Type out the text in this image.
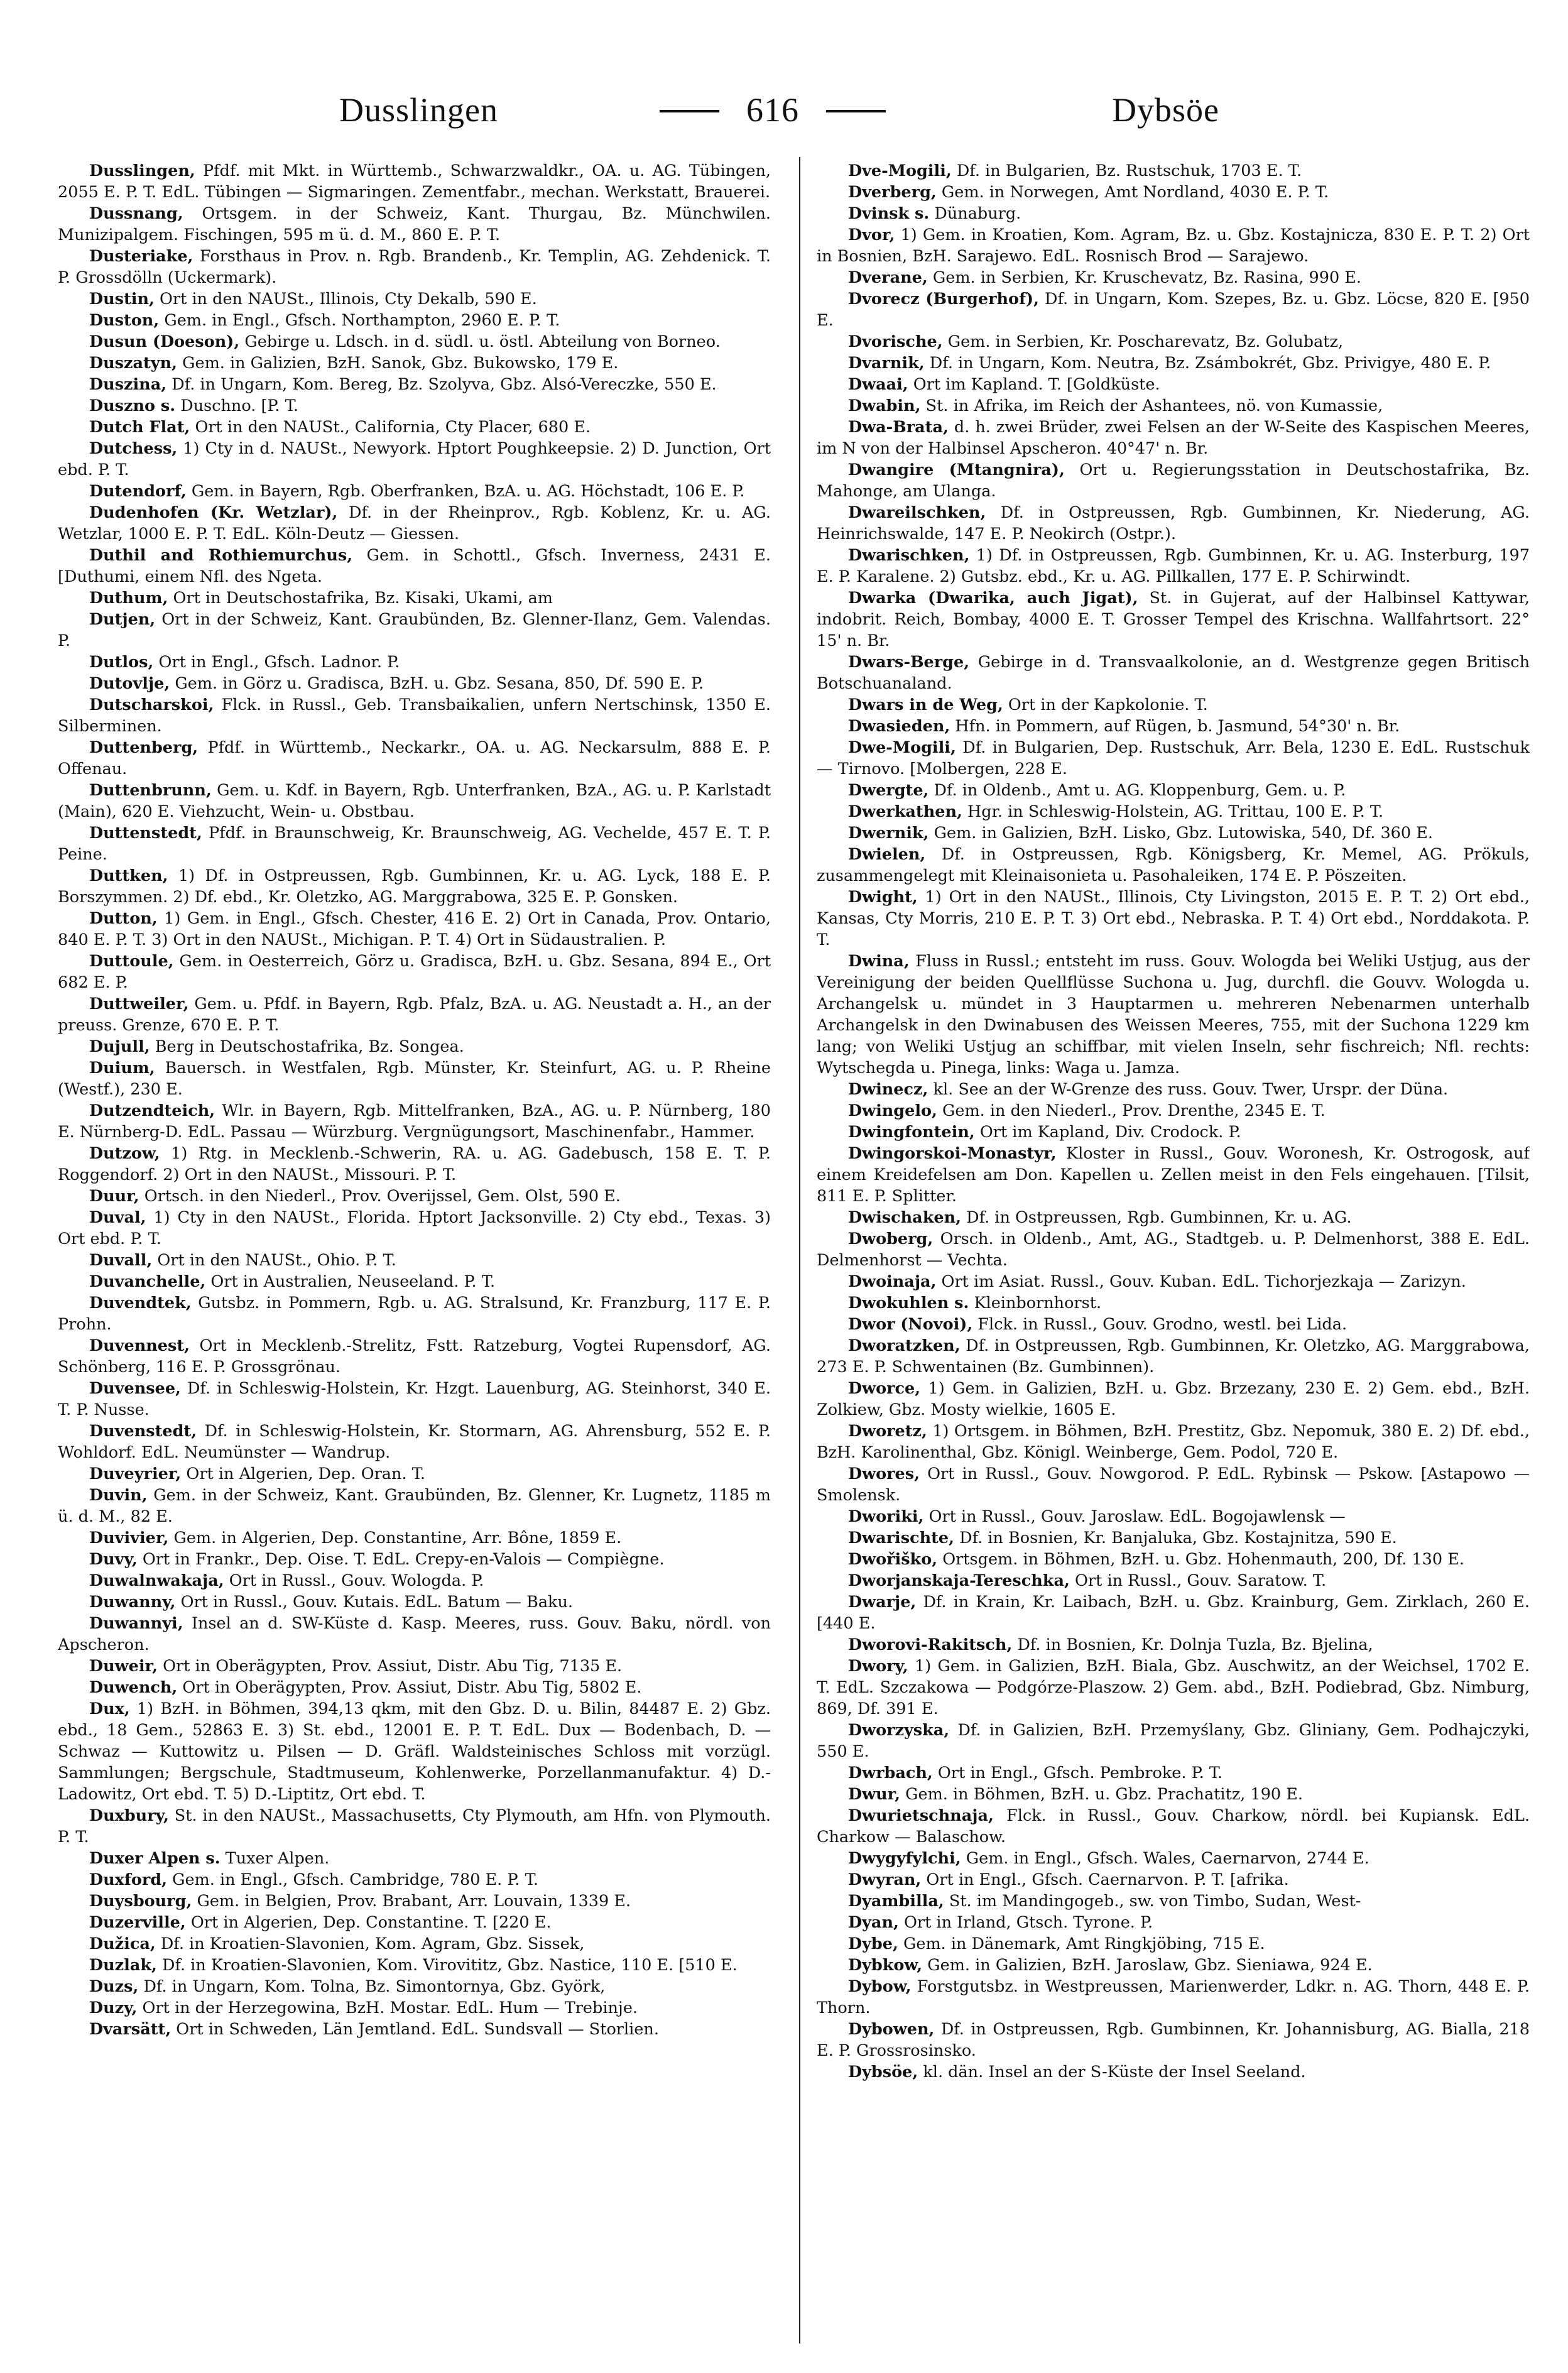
Dusslingen	616	Dybsöe

Dusslingen, Pfdf. mit Mkt. in Württemb., Schwarzwaldkr., OA. u. AG. Tübingen, 2055 E. P. T. EdL. Tübingen — Sigmaringen. Zementfabr., mechan. Werkstatt, Brauerei.

Dussnang, Ortsgem. in der Schweiz, Kant. Thurgau, Bz. Münchwilen. Munizipalgem. Fischingen, 595 m ü. d. M., 860 E. P. T.

Dusteriake, Forsthaus in Prov. n. Rgb. Brandenb., Kr. Templin, AG. Zehdenick. T. P. Grossdölln (Uckermark).

Dustin, Ort in den NAUSt., Illinois, Cty Dekalb, 590 E.

Duston, Gem. in Engl., Gfsch. Northampton, 2960 E. P. T.

Dusun (Doeson), Gebirge u. Ldsch. in d. südl. u. östl. Abteilung von Borneo.

Duszatyn, Gem. in Galizien, BzH. Sanok, Gbz. Bukowsko, 179 E.

Duszina, Df. in Ungarn, Kom. Bereg, Bz. Szolyva, Gbz. Alsó-Vereczke, 550 E.

Duszno s. Duschno. [P. T.

Dutch Flat, Ort in den NAUSt., California, Cty Placer, 680 E.

Dutchess, 1) Cty in d. NAUSt., Newyork. Hptort Poughkeepsie. 2) D. Junction, Ort ebd. P. T.

Dutendorf, Gem. in Bayern, Rgb. Oberfranken, BzA. u. AG. Höchstadt, 106 E. P.

Dudenhofen (Kr. Wetzlar), Df. in der Rheinprov., Rgb. Koblenz, Kr. u. AG. Wetzlar, 1000 E. P. T. EdL. Köln-Deutz — Giessen.

Duthil and Rothiemurchus, Gem. in Schottl., Gfsch. Inverness, 2431 E. [Duthumi, einem Nfl. des Ngeta.

Duthum, Ort in Deutschostafrika, Bz. Kisaki, Ukami, am

Dutjen, Ort in der Schweiz, Kant. Graubünden, Bz. Glenner-Ilanz, Gem. Valendas. P.

Dutlos, Ort in Engl., Gfsch. Ladnor. P.

Dutovlje, Gem. in Görz u. Gradisca, BzH. u. Gbz. Sesana, 850, Df. 590 E. P.

Dutscharskoi, Flck. in Russl., Geb. Transbaikalien, unfern Nertschinsk, 1350 E. Silberminen.

Duttenberg, Pfdf. in Württemb., Neckarkr., OA. u. AG. Neckarsulm, 888 E. P. Offenau.

Duttenbrunn, Gem. u. Kdf. in Bayern, Rgb. Unterfranken, BzA., AG. u. P. Karlstadt (Main), 620 E. Viehzucht, Wein- u. Obstbau.

Duttenstedt, Pfdf. in Braunschweig, Kr. Braunschweig, AG. Vechelde, 457 E. T. P. Peine.

Duttken, 1) Df. in Ostpreussen, Rgb. Gumbinnen, Kr. u. AG. Lyck, 188 E. P. Borszymmen. 2) Df. ebd., Kr. Oletzko, AG. Marggrabowa, 325 E. P. Gonsken.

Dutton, 1) Gem. in Engl., Gfsch. Chester, 416 E. 2) Ort in Canada, Prov. Ontario, 840 E. P. T. 3) Ort in den NAUSt., Michigan. P. T. 4) Ort in Südaustralien. P.

Duttoule, Gem. in Oesterreich, Görz u. Gradisca, BzH. u. Gbz. Sesana, 894 E., Ort 682 E. P.

Duttweiler, Gem. u. Pfdf. in Bayern, Rgb. Pfalz, BzA. u. AG. Neustadt a. H., an der preuss. Grenze, 670 E. P. T.

Dujull, Berg in Deutschostafrika, Bz. Songea.

Duium, Bauersch. in Westfalen, Rgb. Münster, Kr. Steinfurt, AG. u. P. Rheine (Westf.), 230 E.

Dutzendteich, Wlr. in Bayern, Rgb. Mittelfranken, BzA., AG. u. P. Nürnberg, 180 E. Nürnberg-D. EdL. Passau — Würzburg. Vergnügungsort, Maschinenfabr., Hammer.

Dutzow, 1) Rtg. in Mecklenb.-Schwerin, RA. u. AG. Gadebusch, 158 E. T. P. Roggendorf. 2) Ort in den NAUSt., Missouri. P. T.

Duur, Ortsch. in den Niederl., Prov. Overijssel, Gem. Olst, 590 E.

Duval, 1) Cty in den NAUSt., Florida. Hptort Jacksonville. 2) Cty ebd., Texas. 3) Ort ebd. P. T.

Duvall, Ort in den NAUSt., Ohio. P. T.

Duvanchelle, Ort in Australien, Neuseeland. P. T.

Duvendtek, Gutsbz. in Pommern, Rgb. u. AG. Stralsund, Kr. Franzburg, 117 E. P. Prohn.

Duvennest, Ort in Mecklenb.-Strelitz, Fstt. Ratzeburg, Vogtei Rupensdorf, AG. Schönberg, 116 E. P. Grossgrönau.

Duvensee, Df. in Schleswig-Holstein, Kr. Hzgt. Lauenburg, AG. Steinhorst, 340 E. T. P. Nusse.

Duvenstedt, Df. in Schleswig-Holstein, Kr. Stormarn, AG. Ahrensburg, 552 E. P. Wohldorf. EdL. Neumünster — Wandrup.

Duveyrier, Ort in Algerien, Dep. Oran. T.

Duvin, Gem. in der Schweiz, Kant. Graubünden, Bz. Glenner, Kr. Lugnetz, 1185 m ü. d. M., 82 E.

Duvivier, Gem. in Algerien, Dep. Constantine, Arr. Bône, 1859 E.

Duvy, Ort in Frankr., Dep. Oise. T. EdL. Crepy-en-Valois — Compiègne.

Duwalnwakaja, Ort in Russl., Gouv. Wologda. P.

Duwanny, Ort in Russl., Gouv. Kutais. EdL. Batum — Baku.

Duwannyi, Insel an d. SW-Küste d. Kasp. Meeres, russ. Gouv. Baku, nördl. von Apscheron.

Duweir, Ort in Oberägypten, Prov. Assiut, Distr. Abu Tig, 7135 E.

Duwench, Ort in Oberägypten, Prov. Assiut, Distr. Abu Tig, 5802 E.

Dux, 1) BzH. in Böhmen, 394,13 qkm, mit den Gbz. D. u. Bilin, 84487 E. 2) Gbz. ebd., 18 Gem., 52863 E. 3) St. ebd., 12001 E. P. T. EdL. Dux — Bodenbach, D. — Schwaz — Kuttowitz u. Pilsen — D. Gräfl. Waldsteinisches Schloss mit vorzügl. Sammlungen; Bergschule, Stadtmuseum, Kohlenwerke, Porzellanmanufaktur. 4) D.-Ladowitz, Ort ebd. T. 5) D.-Liptitz, Ort ebd. T.

Duxbury, St. in den NAUSt., Massachusetts, Cty Plymouth, am Hfn. von Plymouth. P. T.

Duxer Alpen s. Tuxer Alpen.

Duxford, Gem. in Engl., Gfsch. Cambridge, 780 E. P. T.

Duysbourg, Gem. in Belgien, Prov. Brabant, Arr. Louvain, 1339 E.

Duzerville, Ort in Algerien, Dep. Constantine. T. [220 E.

Dužica, Df. in Kroatien-Slavonien, Kom. Agram, Gbz. Sissek,

Duzlak, Df. in Kroatien-Slavonien, Kom. Virovititz, Gbz. Nastice, 110 E. [510 E.

Duzs, Df. in Ungarn, Kom. Tolna, Bz. Simontornya, Gbz. Györk,

Duzy, Ort in der Herzegowina, BzH. Mostar. EdL. Hum — Trebinje.

Dvarsätt, Ort in Schweden, Län Jemtland. EdL. Sundsvall — Storlien.

Dve-Mogili, Df. in Bulgarien, Bz. Rustschuk, 1703 E. T.

Dverberg, Gem. in Norwegen, Amt Nordland, 4030 E. P. T.

Dvinsk s. Dünaburg.

Dvor, 1) Gem. in Kroatien, Kom. Agram, Bz. u. Gbz. Kostajnicza, 830 E. P. T. 2) Ort in Bosnien, BzH. Sarajewo. EdL. Rosnisch Brod — Sarajewo.

Dverane, Gem. in Serbien, Kr. Kruschevatz, Bz. Rasina, 990 E.

Dvorecz (Burgerhof), Df. in Ungarn, Kom. Szepes, Bz. u. Gbz. Löcse, 820 E. [950 E.

Dvorische, Gem. in Serbien, Kr. Poscharevatz, Bz. Golubatz,

Dvarnik, Df. in Ungarn, Kom. Neutra, Bz. Zsámbokrét, Gbz. Privigye, 480 E. P.

Dwaai, Ort im Kapland. T. [Goldküste.

Dwabin, St. in Afrika, im Reich der Ashantees, nö. von Kumassie,

Dwa-Brata, d. h. zwei Brüder, zwei Felsen an der W-Seite des Kaspischen Meeres, im N von der Halbinsel Apscheron. 40°47' n. Br.

Dwangire (Mtangnira), Ort u. Regierungsstation in Deutschostafrika, Bz. Mahonge, am Ulanga.

Dwareilschken, Df. in Ostpreussen, Rgb. Gumbinnen, Kr. Niederung, AG. Heinrichswalde, 147 E. P. Neokirch (Ostpr.).

Dwarischken, 1) Df. in Ostpreussen, Rgb. Gumbinnen, Kr. u. AG. Insterburg, 197 E. P. Karalene. 2) Gutsbz. ebd., Kr. u. AG. Pillkallen, 177 E. P. Schirwindt.

Dwarka (Dwarika, auch Jigat), St. in Gujerat, auf der Halbinsel Kattywar, indobrit. Reich, Bombay, 4000 E. T. Grosser Tempel des Krischna. Wallfahrtsort. 22° 15' n. Br.

Dwars-Berge, Gebirge in d. Transvaalkolonie, an d. Westgrenze gegen Britisch Botschuanaland.

Dwars in de Weg, Ort in der Kapkolonie. T.

Dwasieden, Hfn. in Pommern, auf Rügen, b. Jasmund, 54°30' n. Br.

Dwe-Mogili, Df. in Bulgarien, Dep. Rustschuk, Arr. Bela, 1230 E. EdL. Rustschuk — Tirnovo. [Molbergen, 228 E.

Dwergte, Df. in Oldenb., Amt u. AG. Kloppenburg, Gem. u. P.

Dwerkathen, Hgr. in Schleswig-Holstein, AG. Trittau, 100 E. P. T.

Dwernik, Gem. in Galizien, BzH. Lisko, Gbz. Lutowiska, 540, Df. 360 E.

Dwielen, Df. in Ostpreussen, Rgb. Königsberg, Kr. Memel, AG. Prökuls, zusammengelegt mit Kleinaisonieta u. Pasohaleiken, 174 E. P. Pöszeiten.

Dwight, 1) Ort in den NAUSt., Illinois, Cty Livingston, 2015 E. P. T. 2) Ort ebd., Kansas, Cty Morris, 210 E. P. T. 3) Ort ebd., Nebraska. P. T. 4) Ort ebd., Norddakota. P. T.

Dwina, Fluss in Russl.; entsteht im russ. Gouv. Wologda bei Weliki Ustjug, aus der Vereinigung der beiden Quellflüsse Suchona u. Jug, durchfl. die Gouvv. Wologda u. Archangelsk u. mündet in 3 Hauptarmen u. mehreren Nebenarmen unterhalb Archangelsk in den Dwinabusen des Weissen Meeres, 755, mit der Suchona 1229 km lang; von Weliki Ustjug an schiffbar, mit vielen Inseln, sehr fischreich; Nfl. rechts: Wytschegda u. Pinega, links: Waga u. Jamza.

Dwinecz, kl. See an der W-Grenze des russ. Gouv. Twer, Urspr. der Düna.

Dwingelo, Gem. in den Niederl., Prov. Drenthe, 2345 E. T.

Dwingfontein, Ort im Kapland, Div. Crodock. P.

Dwingorskoi-Monastyr, Kloster in Russl., Gouv. Woronesh, Kr. Ostrogosk, auf einem Kreidefelsen am Don. Kapellen u. Zellen meist in den Fels eingehauen. [Tilsit, 811 E. P. Splitter.

Dwischaken, Df. in Ostpreussen, Rgb. Gumbinnen, Kr. u. AG.

Dwoberg, Orsch. in Oldenb., Amt, AG., Stadtgeb. u. P. Delmenhorst, 388 E. EdL. Delmenhorst — Vechta.

Dwoinaja, Ort im Asiat. Russl., Gouv. Kuban. EdL. Tichorjezkaja — Zarizyn.

Dwokuhlen s. Kleinbornhorst.

Dwor (Novoi), Flck. in Russl., Gouv. Grodno, westl. bei Lida.

Dworatzken, Df. in Ostpreussen, Rgb. Gumbinnen, Kr. Oletzko, AG. Marggrabowa, 273 E. P. Schwentainen (Bz. Gumbinnen).

Dworce, 1) Gem. in Galizien, BzH. u. Gbz. Brzezany, 230 E. 2) Gem. ebd., BzH. Zolkiew, Gbz. Mosty wielkie, 1605 E.

Dworetz, 1) Ortsgem. in Böhmen, BzH. Prestitz, Gbz. Nepomuk, 380 E. 2) Df. ebd., BzH. Karolinenthal, Gbz. Königl. Weinberge, Gem. Podol, 720 E.

Dwores, Ort in Russl., Gouv. Nowgorod. P. EdL. Rybinsk — Pskow. [Astapowo — Smolensk.

Dworiki, Ort in Russl., Gouv. Jaroslaw. EdL. Bogojawlensk —

Dwarischte, Df. in Bosnien, Kr. Banjaluka, Gbz. Kostajnitza, 590 E.

Dwořiško, Ortsgem. in Böhmen, BzH. u. Gbz. Hohenmauth, 200, Df. 130 E.

Dworjanskaja-Tereschka, Ort in Russl., Gouv. Saratow. T.

Dwarje, Df. in Krain, Kr. Laibach, BzH. u. Gbz. Krainburg, Gem. Zirklach, 260 E. [440 E.

Dworovi-Rakitsch, Df. in Bosnien, Kr. Dolnja Tuzla, Bz. Bjelina,

Dwory, 1) Gem. in Galizien, BzH. Biala, Gbz. Auschwitz, an der Weichsel, 1702 E. T. EdL. Szczakowa — Podgórze-Plaszow. 2) Gem. abd., BzH. Podiebrad, Gbz. Nimburg, 869, Df. 391 E.

Dworzyska, Df. in Galizien, BzH. Przemyślany, Gbz. Gliniany, Gem. Podhajczyki, 550 E.

Dwrbach, Ort in Engl., Gfsch. Pembroke. P. T.

Dwur, Gem. in Böhmen, BzH. u. Gbz. Prachatitz, 190 E.

Dwurietschnaja, Flck. in Russl., Gouv. Charkow, nördl. bei Kupiansk. EdL. Charkow — Balaschow.

Dwygyfylchi, Gem. in Engl., Gfsch. Wales, Caernarvon, 2744 E.

Dwyran, Ort in Engl., Gfsch. Caernarvon. P. T. [afrika.

Dyambilla, St. im Mandingogeb., sw. von Timbo, Sudan, West-

Dyan, Ort in Irland, Gtsch. Tyrone. P.

Dybe, Gem. in Dänemark, Amt Ringkjöbing, 715 E.

Dybkow, Gem. in Galizien, BzH. Jaroslaw, Gbz. Sieniawa, 924 E.

Dybow, Forstgutsbz. in Westpreussen, Marienwerder, Ldkr. n. AG. Thorn, 448 E. P. Thorn.

Dybowen, Df. in Ostpreussen, Rgb. Gumbinnen, Kr. Johannisburg, AG. Bialla, 218 E. P. Grossrosinsko.

Dybsöe, kl. dän. Insel an der S-Küste der Insel Seeland.
